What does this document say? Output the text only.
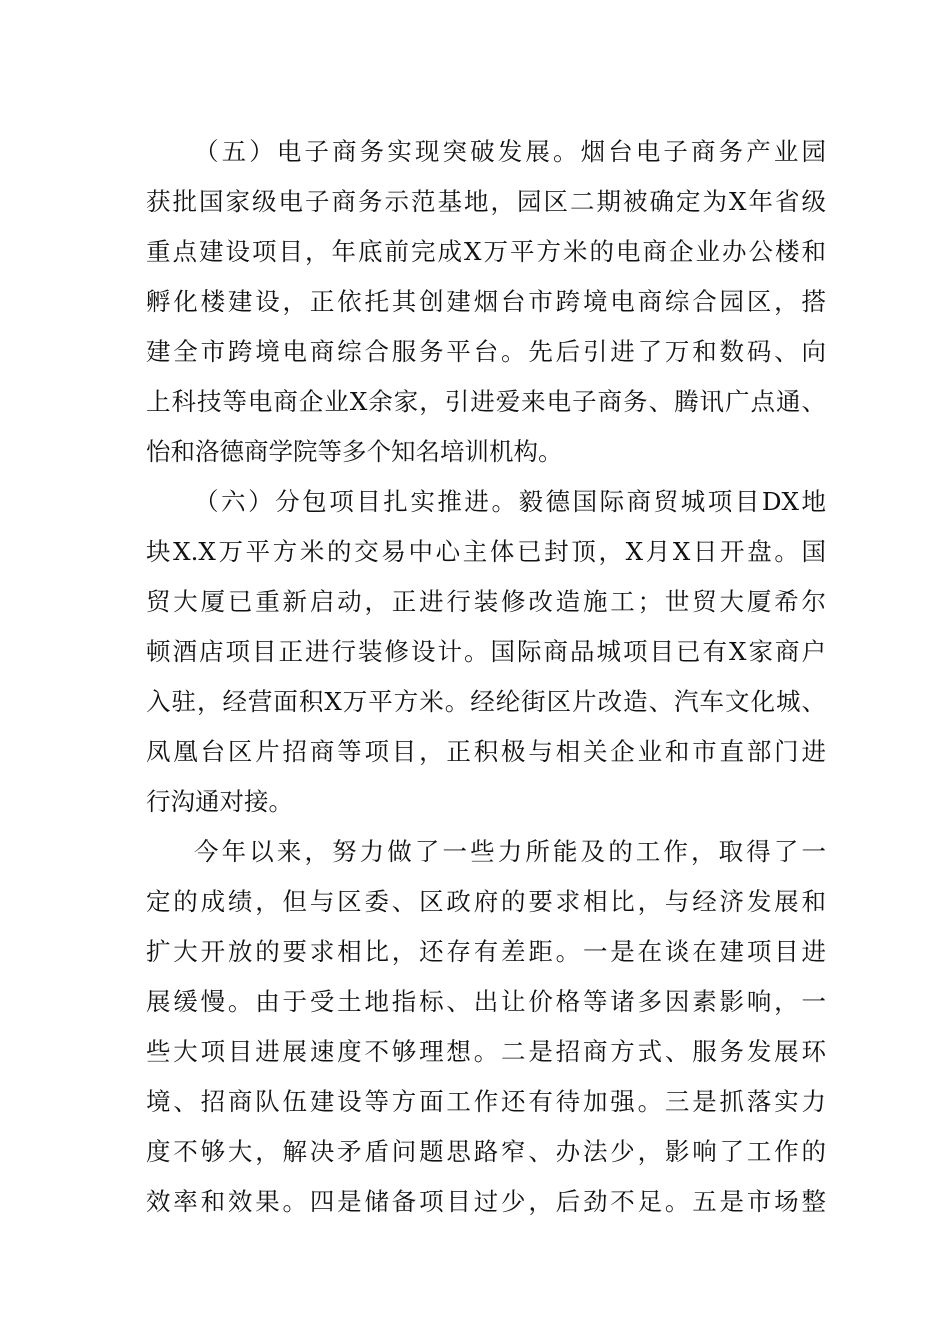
（五）电子商务实现突破发展。烟台电子商务产业园
获批国家级电子商务示范基地，园区二期被确定为X年省级
重点建设项目，年底前完成X万平方米的电商企业办公楼和
孵化楼建设，正依托其创建烟台市跨境电商综合园区，搭
建全市跨境电商综合服务平台。先后引进了万和数码、向
上科技等电商企业X余家，引进爱来电子商务、腾讯广点通、
怡和洛德商学院等多个知名培训机构。
（六）分包项目扎实推进。毅德国际商贸城项目DX地
块X.X万平方米的交易中心主体已封顶，X月X日开盘。国
贸大厦已重新启动，正进行装修改造施工；世贸大厦希尔
顿酒店项目正进行装修设计。国际商品城项目已有X家商户
入驻，经营面积X万平方米。经纶街区片改造、汽车文化城、
凤凰台区片招商等项目，正积极与相关企业和市直部门进
行沟通对接。
今年以来，努力做了一些力所能及的工作，取得了一
定的成绩，但与区委、区政府的要求相比，与经济发展和
扩大开放的要求相比，还存有差距。一是在谈在建项目进
展缓慢。由于受土地指标、出让价格等诸多因素影响，一
些大项目进展速度不够理想。二是招商方式、服务发展环
境、招商队伍建设等方面工作还有待加强。三是抓落实力
度不够大，解决矛盾问题思路窄、办法少，影响了工作的
效率和效果。四是储备项目过少，后劲不足。五是市场整
